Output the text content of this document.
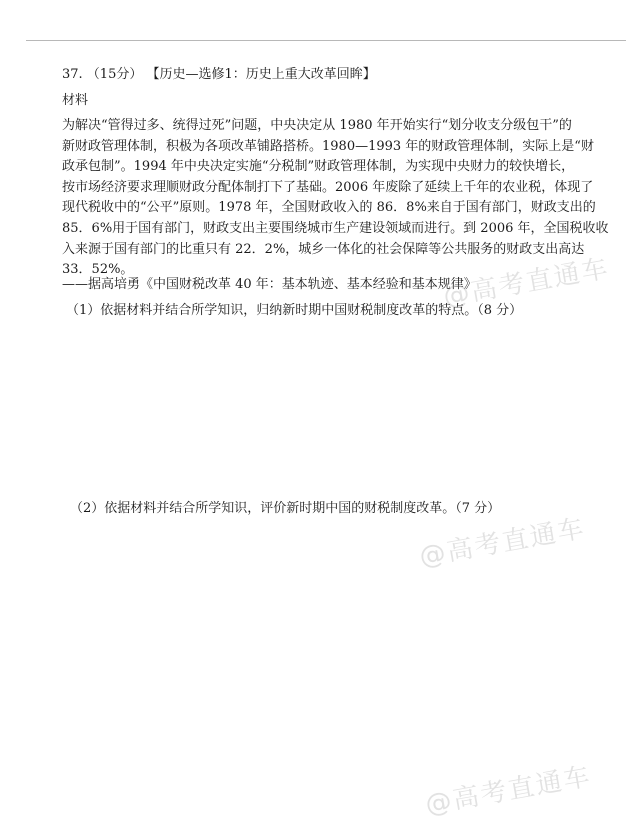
37. （15分） 【历史—选修1：历史上重大改革回眸】
材料
为解决“管得过多、统得过死”问题，中央决定从 1980 年开始实行“划分收支分级包干”的
新财政管理体制，积极为各项改革铺路搭桥。1980—1993 年的财政管理体制，实际上是“财
政承包制”。1994 年中央决定实施“分税制”财政管理体制，为实现中央财力的较快增长，
按市场经济要求理顺财政分配体制打下了基础。2006 年废除了延续上千年的农业税，体现了
现代税收中的“公平”原则。1978 年，全国财政收入的 86．8%来自于国有部门，财政支出的
85．6%用于国有部门，财政支出主要围绕城市生产建设领域而进行。到 2006 年，全国税收收
入来源于国有部门的比重只有 22．2%，城乡一体化的社会保障等公共服务的财政支出高达
33．52%。
——据高培勇《中国财税改革 40 年：基本轨迹、基本经验和基本规律》
（1）依据材料并结合所学知识，归纳新时期中国财税制度改革的特点。（8 分）
（2）依据材料并结合所学知识，评价新时期中国的财税制度改革。（7 分）
@高考直通车
@高考直通车
@高考直通车
